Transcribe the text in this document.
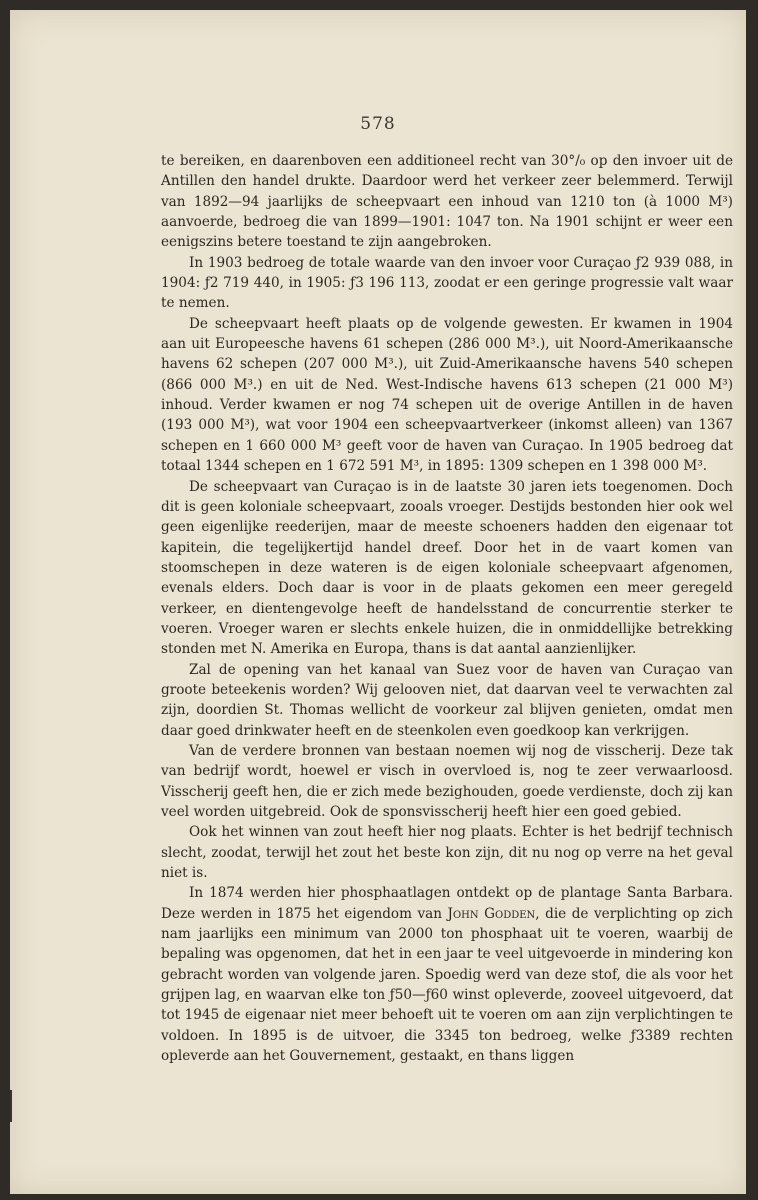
578

te bereiken, en daarenboven een additioneel recht van 30°/₀ op den invoer uit de Antillen den handel drukte. Daardoor werd het verkeer zeer belemmerd. Terwijl van 1892—94 jaarlijks de scheepvaart een inhoud van 1210 ton (à 1000 M³) aanvoerde, bedroeg die van 1899—1901: 1047 ton. Na 1901 schijnt er weer een eenigszins betere toestand te zijn aangebroken.

In 1903 bedroeg de totale waarde van den invoer voor Curaçao ƒ2 939 088, in 1904: ƒ2 719 440, in 1905: ƒ3 196 113, zoodat er een geringe progressie valt waar te nemen.

De scheepvaart heeft plaats op de volgende gewesten. Er kwamen in 1904 aan uit Europeesche havens 61 schepen (286 000 M³.), uit Noord-Amerikaansche havens 62 schepen (207 000 M³.), uit Zuid-Amerikaansche havens 540 schepen (866 000 M³.) en uit de Ned. West-Indische havens 613 schepen (21 000 M³) inhoud. Verder kwamen er nog 74 schepen uit de overige Antillen in de haven (193 000 M³), wat voor 1904 een scheepvaartverkeer (inkomst alleen) van 1367 schepen en 1 660 000 M³ geeft voor de haven van Curaçao. In 1905 bedroeg dat totaal 1344 schepen en 1 672 591 M³, in 1895: 1309 schepen en 1 398 000 M³.

De scheepvaart van Curaçao is in de laatste 30 jaren iets toegenomen. Doch dit is geen koloniale scheepvaart, zooals vroeger. Destijds bestonden hier ook wel geen eigenlijke reederijen, maar de meeste schoeners hadden den eigenaar tot kapitein, die tegelijkertijd handel dreef. Door het in de vaart komen van stoomschepen in deze wateren is de eigen koloniale scheepvaart afgenomen, evenals elders. Doch daar is voor in de plaats gekomen een meer geregeld verkeer, en dientengevolge heeft de handelsstand de concurrentie sterker te voeren. Vroeger waren er slechts enkele huizen, die in onmiddellijke betrekking stonden met N. Amerika en Europa, thans is dat aantal aanzienlijker.

Zal de opening van het kanaal van Suez voor de haven van Curaçao van groote beteekenis worden? Wij gelooven niet, dat daarvan veel te verwachten zal zijn, doordien St. Thomas wellicht de voorkeur zal blijven genieten, omdat men daar goed drinkwater heeft en de steenkolen even goedkoop kan verkrijgen.

Van de verdere bronnen van bestaan noemen wij nog de visscherij. Deze tak van bedrijf wordt, hoewel er visch in overvloed is, nog te zeer verwaarloosd. Visscherij geeft hen, die er zich mede bezighouden, goede verdienste, doch zij kan veel worden uitgebreid. Ook de sponsvisscherij heeft hier een goed gebied.

Ook het winnen van zout heeft hier nog plaats. Echter is het bedrijf technisch slecht, zoodat, terwijl het zout het beste kon zijn, dit nu nog op verre na het geval niet is.

In 1874 werden hier phosphaatlagen ontdekt op de plantage Santa Barbara. Deze werden in 1875 het eigendom van John Godden, die de verplichting op zich nam jaarlijks een minimum van 2000 ton phosphaat uit te voeren, waarbij de bepaling was opgenomen, dat het in een jaar te veel uitgevoerde in mindering kon gebracht worden van volgende jaren. Spoedig werd van deze stof, die als voor het grijpen lag, en waarvan elke ton ƒ50—ƒ60 winst opleverde, zooveel uitgevoerd, dat tot 1945 de eigenaar niet meer behoeft uit te voeren om aan zijn verplichtingen te voldoen. In 1895 is de uitvoer, die 3345 ton bedroeg, welke ƒ3389 rechten opleverde aan het Gouvernement, gestaakt, en thans liggen
